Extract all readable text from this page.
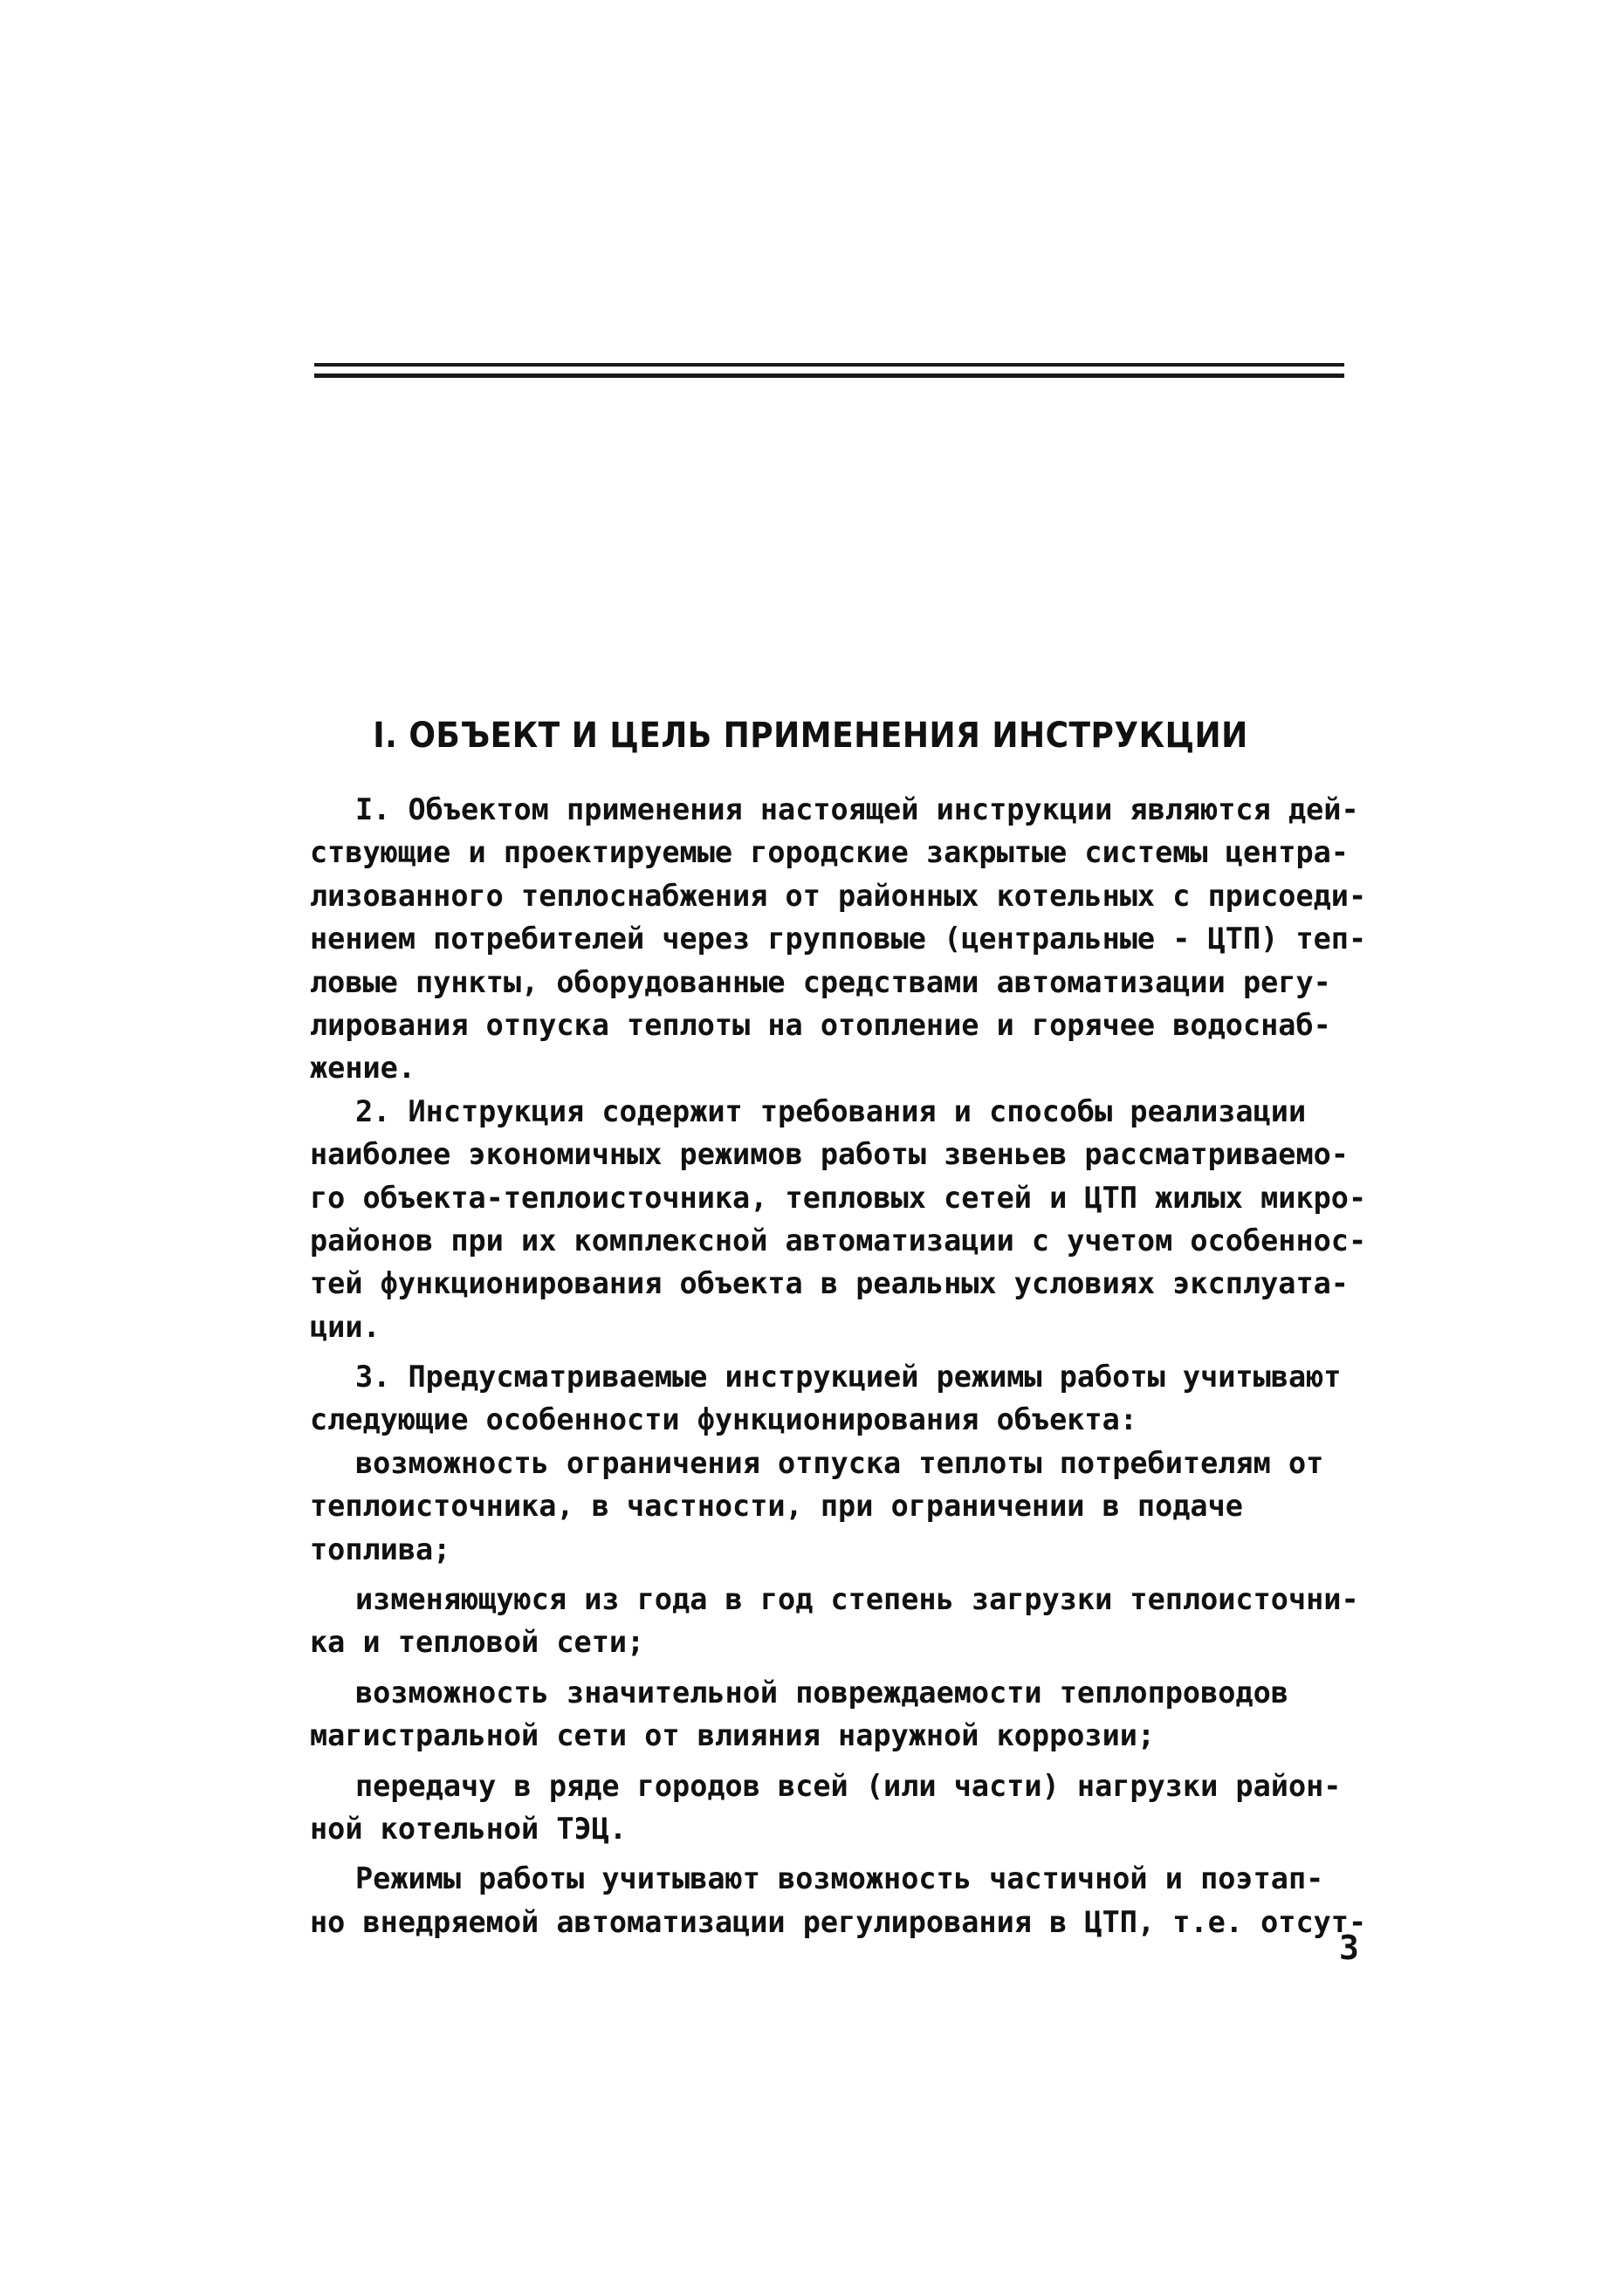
I. ОБЪЕКТ И ЦЕЛЬ ПРИМЕНЕНИЯ ИНСТРУКЦИИ
I. Объектом применения настоящей инструкции являются дей-
ствующие и проектируемые городские закрытые системы центра-
лизованного теплоснабжения от районных котельных с присоеди-
нением потребителей через групповые (центральные - ЦТП) теп-
ловые пункты, оборудованные средствами автоматизации регу-
лирования отпуска теплоты на отопление и горячее водоснаб-
жение.
2. Инструкция содержит требования и способы реализации
наиболее экономичных режимов работы звеньев рассматриваемо-
го объекта-теплоисточника, тепловых сетей и ЦТП жилых микро-
районов при их комплексной автоматизации с учетом особеннос-
тей функционирования объекта в реальных условиях эксплуата-
ции.
3. Предусматриваемые инструкцией режимы работы учитывают
следующие особенности функционирования объекта:
возможность ограничения отпуска теплоты потребителям от
теплоисточника, в частности, при ограничении в подаче
топлива;
изменяющуюся из года в год степень загрузки теплоисточни-
ка и тепловой сети;
возможность значительной повреждаемости теплопроводов
магистральной сети от влияния наружной коррозии;
передачу в ряде городов всей (или части) нагрузки район-
ной котельной ТЭЦ.
Режимы работы учитывают возможность частичной и поэтап-
но внедряемой автоматизации регулирования в ЦТП, т.е. отсут-
3
